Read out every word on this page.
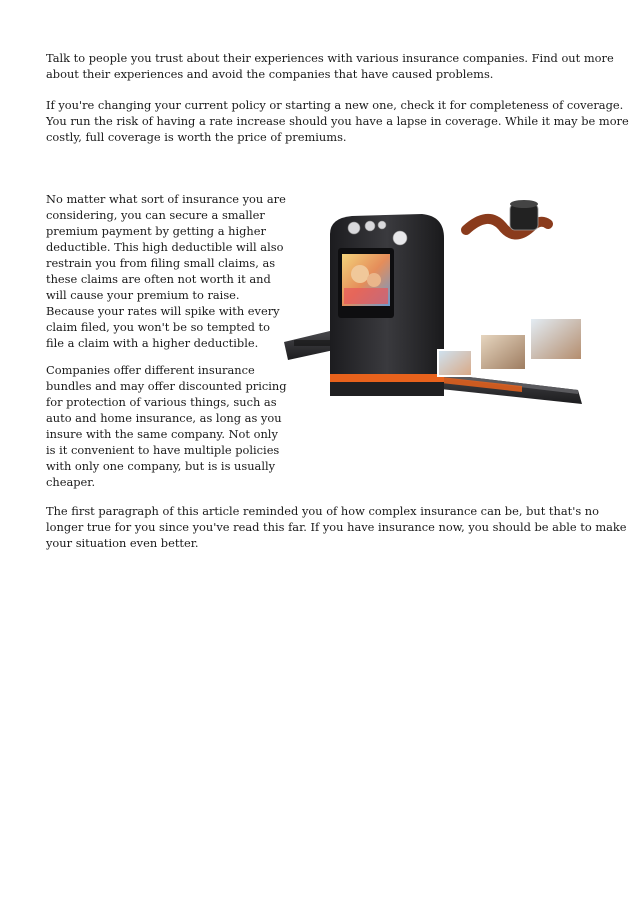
Talk to people you trust about their experiences with various insurance companies. Find out more
about their experiences and avoid the companies that have caused problems.

If you're changing your current policy or starting a new one, check it for completeness of coverage.
You run the risk of having a rate increase should you have a lapse in coverage. While it may be more
costly, full coverage is worth the price of premiums.

No matter what sort of insurance you are
considering, you can secure a smaller
premium payment by getting a higher
deductible. This high deductible will also
restrain you from filing small claims, as
these claims are often not worth it and
will cause your premium to raise.
Because your rates will spike with every
claim filed, you won't be so tempted to
file a claim with a higher deductible.

Companies offer different insurance
bundles and may offer discounted pricing
for protection of various things, such as
auto and home insurance, as long as you
insure with the same company. Not only
is it convenient to have multiple policies
with only one company, but is is usually
cheaper.

The first paragraph of this article reminded you of how complex insurance can be, but that's no
longer true for you since you've read this far. If you have insurance now, you should be able to make
your situation even better.
